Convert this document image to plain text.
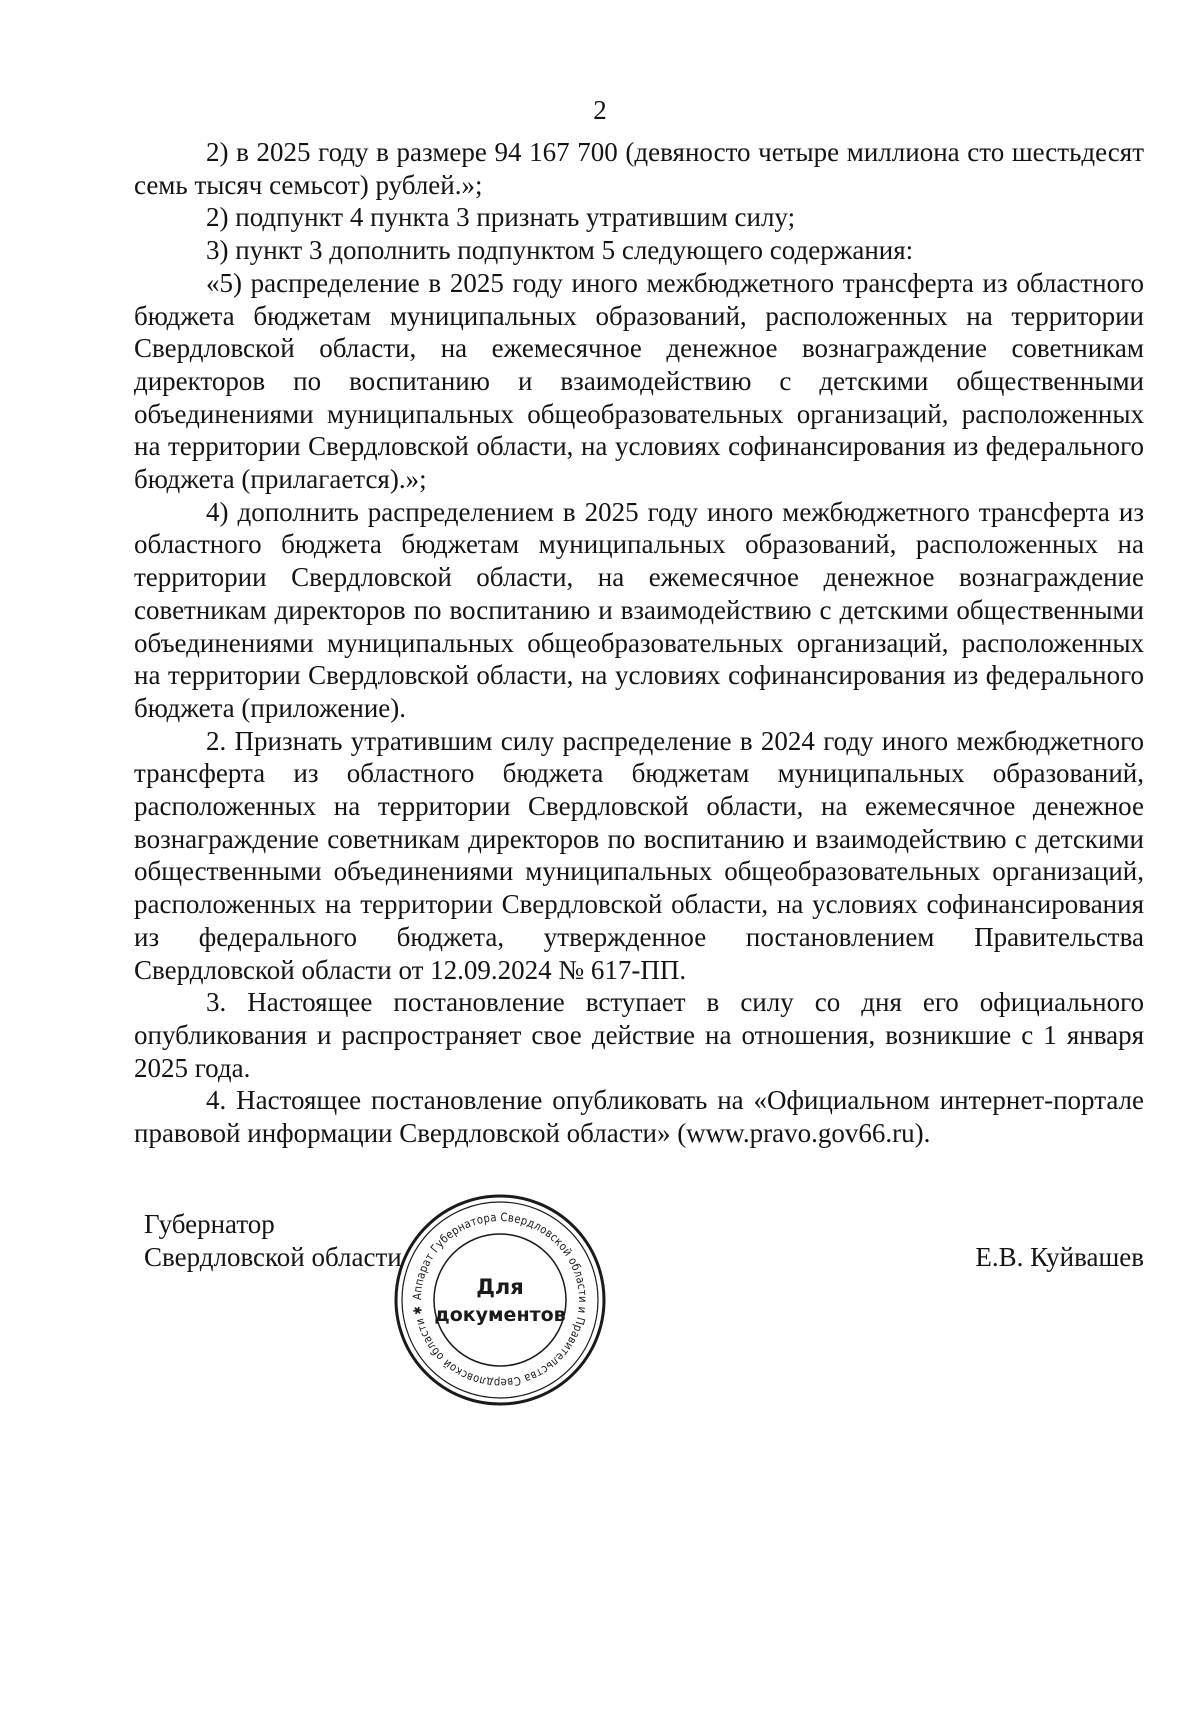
2

2) в 2025 году в размере 94 167 700 (девяносто четыре миллиона сто шестьдесят семь тысяч семьсот) рублей.»;

2) подпункт 4 пункта 3 признать утратившим силу;

3) пункт 3 дополнить подпунктом 5 следующего содержания:

«5) распределение в 2025 году иного межбюджетного трансферта из областного бюджета бюджетам муниципальных образований, расположенных на территории Свердловской области, на ежемесячное денежное вознаграждение советникам директоров по воспитанию и взаимодействию с детскими общественными объединениями муниципальных общеобразовательных организаций, расположенных на территории Свердловской области, на условиях софинансирования из федерального бюджета (прилагается).»;

4) дополнить распределением в 2025 году иного межбюджетного трансферта из областного бюджета бюджетам муниципальных образований, расположенных на территории Свердловской области, на ежемесячное денежное вознаграждение советникам директоров по воспитанию и взаимодействию с детскими общественными объединениями муниципальных общеобразовательных организаций, расположенных на территории Свердловской области, на условиях софинансирования из федерального бюджета (приложение).

2. Признать утратившим силу распределение в 2024 году иного межбюджетного трансферта из областного бюджета бюджетам муниципальных образований, расположенных на территории Свердловской области, на ежемесячное денежное вознаграждение советникам директоров по воспитанию и взаимодействию с детскими общественными объединениями муниципальных общеобразовательных организаций, расположенных на территории Свердловской области, на условиях софинансирования из федерального бюджета, утвержденное постановлением Правительства Свердловской области от 12.09.2024 № 617-ПП.

3. Настоящее постановление вступает в силу со дня его официального опубликования и распространяет свое действие на отношения, возникшие с 1 января 2025 года.

4. Настоящее постановление опубликовать на «Официальном интернет-портале правовой информации Свердловской области» (www.pravo.gov66.ru).

Губернатор
Свердловской области
Аппарат Губернатора Свердловской области и Правительства Свердловской области ✱
Для
документов
Е.В. Куйвашев
